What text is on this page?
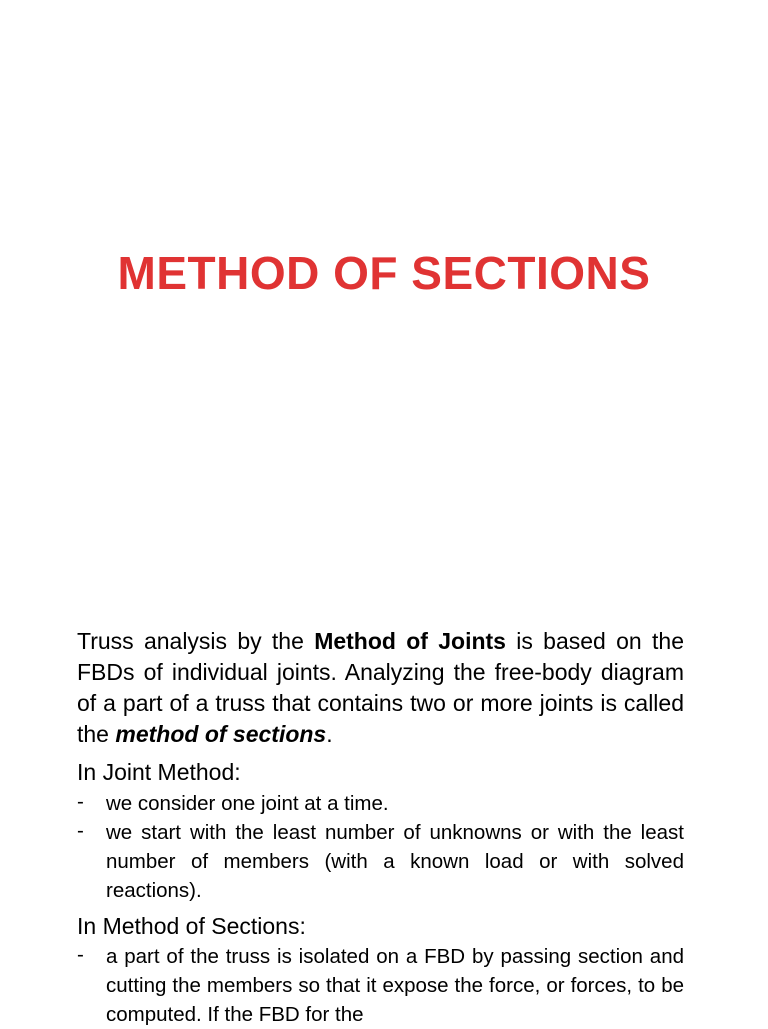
METHOD OF SECTIONS

Truss analysis by the Method of Joints is based on the FBDs of individual joints. Analyzing the free-body diagram of a part of a truss that contains two or more joints is called the method of sections.

In Joint Method:

- we consider one joint at a time.
- we start with the least number of unknowns or with the least number of members (with a known load or with solved reactions).

In Method of Sections:

- a part of the truss is isolated on a FBD by passing section and cutting the members so that it expose the force, or forces, to be computed. If the FBD for the
